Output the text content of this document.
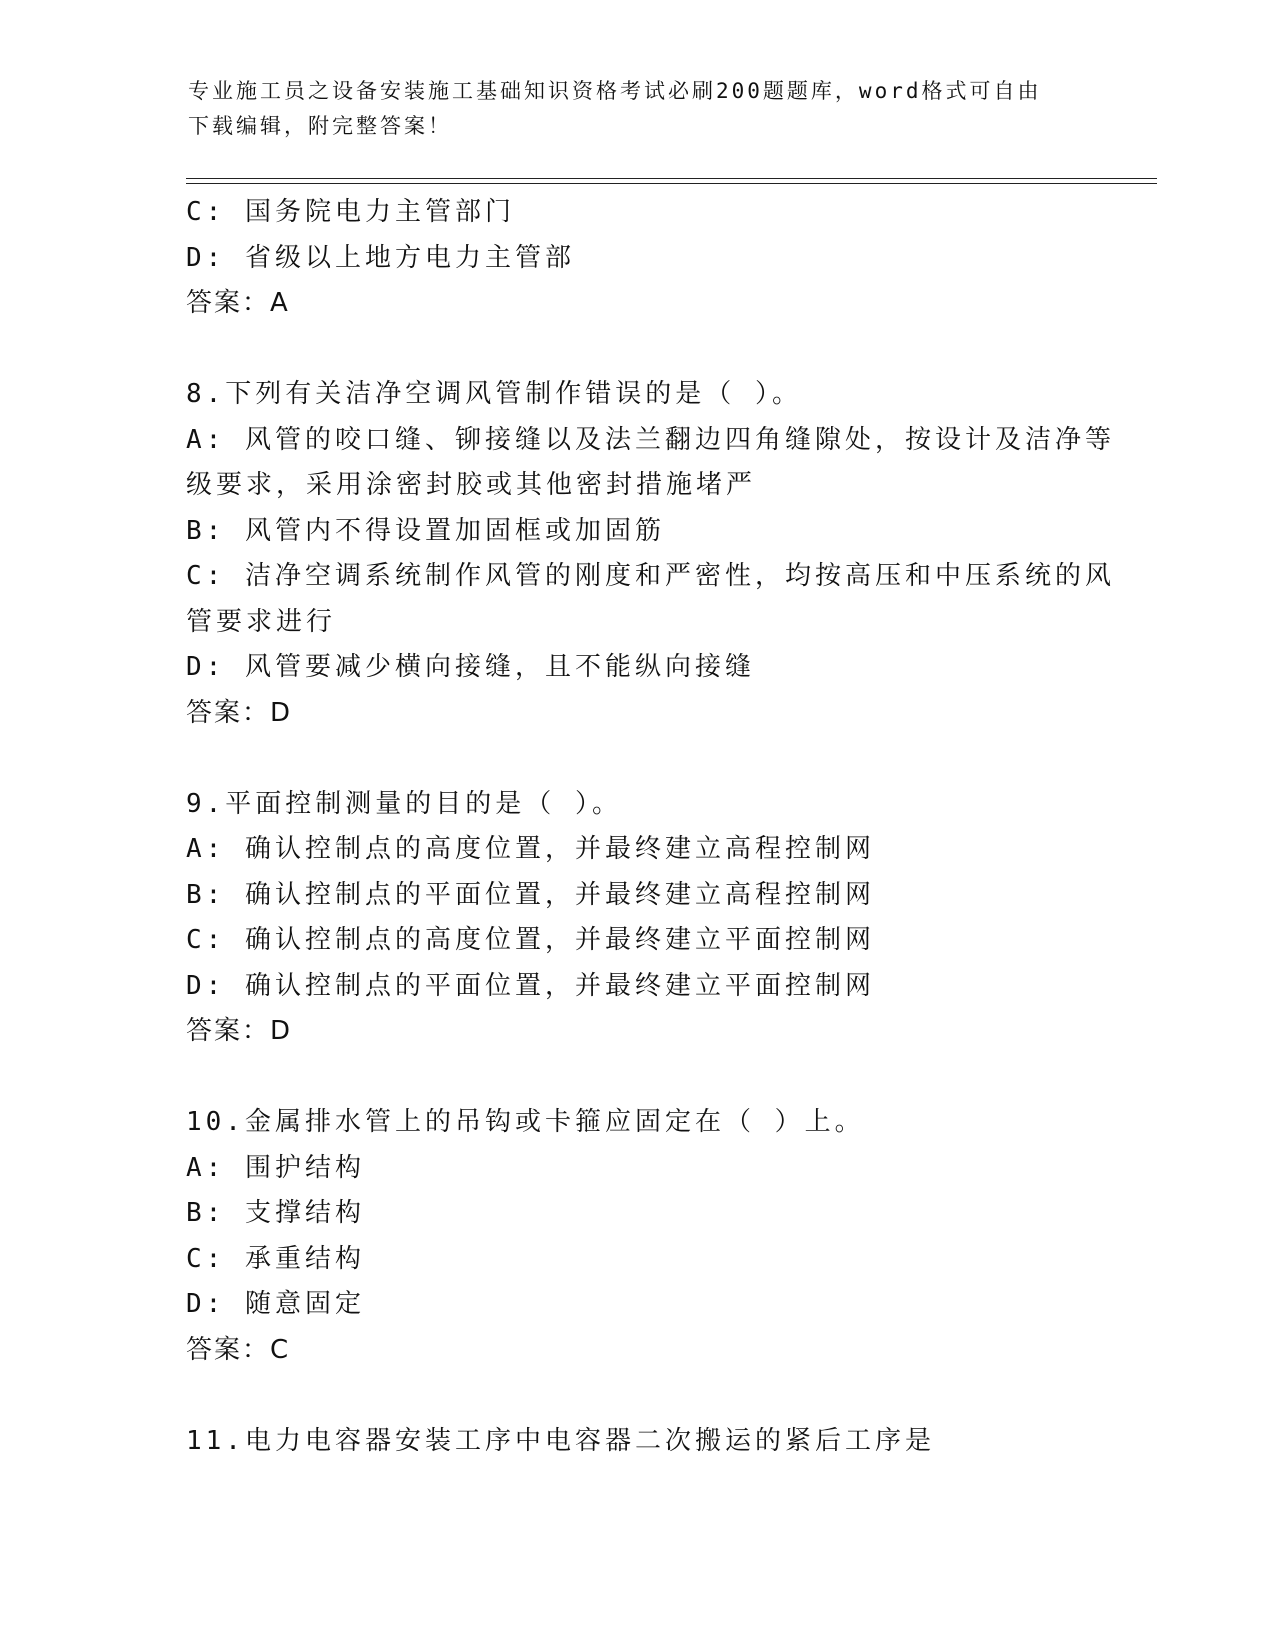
专业施工员之设备安装施工基础知识资格考试必刷200题题库，word格式可自由
下载编辑，附完整答案！
C: 国务院电力主管部门
D: 省级以上地方电力主管部
答案：A
8.下列有关洁净空调风管制作错误的是（ ）。
A: 风管的咬口缝、铆接缝以及法兰翻边四角缝隙处，按设计及洁净等
级要求，采用涂密封胶或其他密封措施堵严
B: 风管内不得设置加固框或加固筋
C: 洁净空调系统制作风管的刚度和严密性，均按高压和中压系统的风
管要求进行
D: 风管要减少横向接缝，且不能纵向接缝
答案：D
9.平面控制测量的目的是（ ）。
A: 确认控制点的高度位置，并最终建立高程控制网
B: 确认控制点的平面位置，并最终建立高程控制网
C: 确认控制点的高度位置，并最终建立平面控制网
D: 确认控制点的平面位置，并最终建立平面控制网
答案：D
10.金属排水管上的吊钩或卡箍应固定在（ ）上。
A: 围护结构
B: 支撑结构
C: 承重结构
D: 随意固定
答案：C
11.电力电容器安装工序中电容器二次搬运的紧后工序是
